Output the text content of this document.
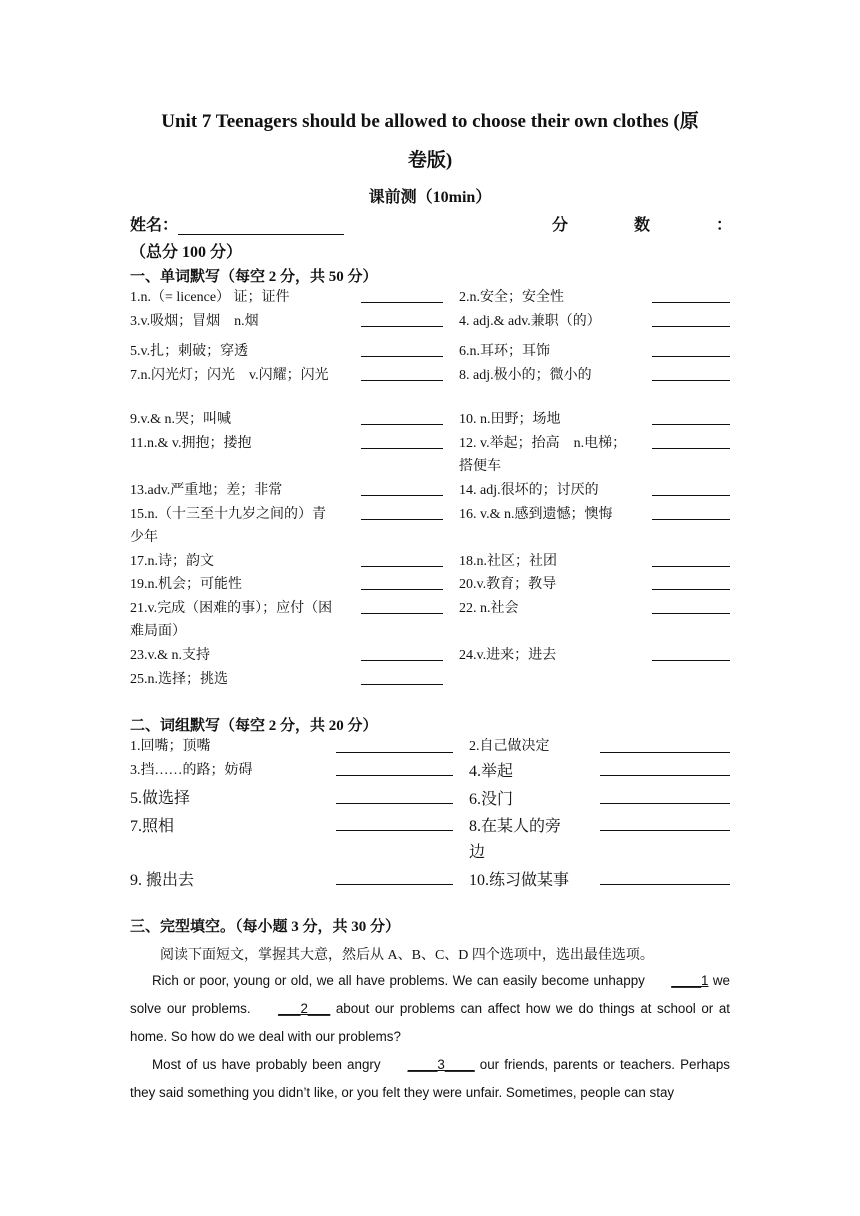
Unit 7 Teenagers should be allowed to choose their own clothes (原
卷版)
课前测（10min）
姓名：	分	数	：
（总分 100 分）
一、单词默写（每空 2 分，共 50 分）
1.n.（= licence） 证；证件	2.n.安全；安全性
3.v.吸烟；冒烟　n.烟	4. adj.& adv.兼职（的）
5.v.扎；刺破；穿透	6.n.耳环；耳饰
7.n.闪光灯；闪光　v.闪耀；闪光	8. adj.极小的；微小的
9.v.& n.哭；叫喊	10. n.田野；场地
11.n.& v.拥抱；搂抱	12. v.举起；抬高　n.电梯；
搭便车
13.adv.严重地；差；非常	14. adj.很坏的；讨厌的
15.n.（十三至十九岁之间的）青
少年
16. v.& n.感到遗憾；懊悔
17.n.诗；韵文	18.n.社区；社团
19.n.机会；可能性	20.v.教育；教导
21.v.完成（困难的事）；应付（困
难局面）
22. n.社会
23.v.& n.支持	24.v.进来；进去
25.n.选择；挑选
二、词组默写（每空 2 分，共 20 分）
1.回嘴；顶嘴	2.自己做决定
3.挡……的路；妨碍	4.举起
5.做选择	6.没门
7.照相	8.在某人的旁
边
9. 搬出去	10.练习做某事
三、完型填空。（每小题 3 分，共 30 分）
阅读下面短文，掌握其大意，然后从 A、B、C、D 四个选项中，选出最佳选项。
Rich or poor, young or old, we all have problems. We can easily become unhappy ____1 we solve our problems. ___2___ about our problems can affect how we do things at school or at home. So how do we deal with our problems?
Most of us have probably been angry ____3____ our friends, parents or teachers. Perhaps they said something you didn’t like, or you felt they were unfair. Sometimes, people can stay
